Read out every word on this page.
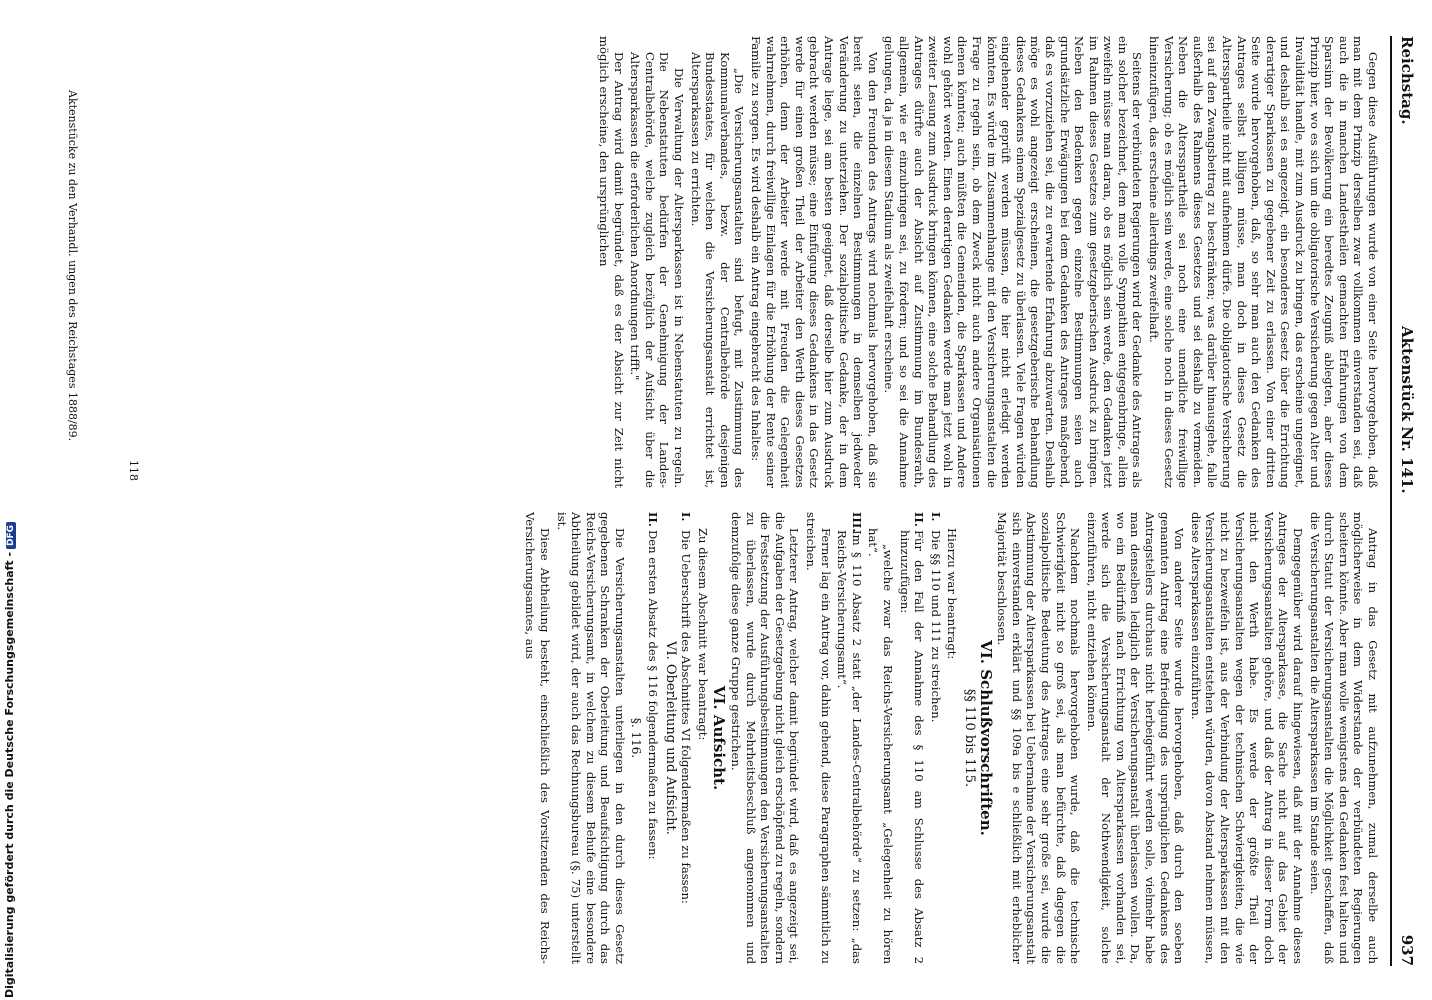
Reichstag.
Aktenstück Nr. 141.
937

Gegen diese Ausführungen wurde von einer Seite hervorgehoben, daß man mit dem Prinzip derselben zwar vollkommen einverstanden sei, daß auch die in manchen Landestheilen gemachten Erfahrungen von dem Sparsinn der Bevölkerung ein beredtes Zeugniß ablegten, aber dieses Prinzip hier, wo es sich um die obligatorische Versicherung gegen Alter und Invalidität handle, mit zum Ausdruck zu bringen, das erscheine ungeeignet, und deshalb sei es angezeigt, ein besonderes Gesetz über die Errichtung derartiger Sparkassen zu gegebener Zeit zu erlassen. Von einer dritten Seite wurde hervorgehoben, daß, so sehr man auch den Gedanken des Antrages selbst billigen müsse, man doch in dieses Gesetz die Altersspartheile nicht mit aufnehmen dürfe. Die obligatorische Versicherung sei auf den Zwangsbeitrag zu beschränken; was darüber hinausgehe, falle außerhalb des Rahmens dieses Gesetzes und sei deshalb zu vermeiden. Neben die Altersspartheile sei noch eine unendliche freiwillige Versicherung; ob es möglich sein werde, eine solche noch in dieses Gesetz hineinzufügen, das erscheine allerdings zweifelhaft.

Seitens der verbündeten Regierungen wird der Gedanke des Antrages als ein solcher bezeichnet, dem man volle Sympathien entgegenbringe, allein zweifeln müsse man daran, ob es möglich sein werde, den Gedanken jetzt im Rahmen dieses Gesetzes zum gesetzgeberischen Ausdruck zu bringen. Neben den Bedenken gegen einzelne Bestimmungen seien auch grundsätzliche Erwägungen bei dem Gedanken des Antrages maßgebend, daß es vorzuziehen sei, die zu erwartende Erfahrung abzuwarten. Deshalb möge es wohl angezeigt erscheinen, die gesetzgeberische Behandlung dieses Gedankens einem Spezialgesetz zu überlassen. Viele Fragen würden eingehender geprüft werden müssen, die hier nicht erledigt werden könnten. Es würde im Zusammenhange mit den Versicherungsanstalten die Frage zu regeln sein, ob dem Zweck nicht auch andere Organisationen dienen könnten; auch müßten die Gemeinden, die Sparkassen und Andere wohl gehört werden. Einen derartigen Gedanken werde man jetzt wohl in zweiter Lesung zum Ausdruck bringen können, eine solche Behandlung des Antrages dürfte auch der Absicht auf Zustimmung im Bundesrath, allgemein, wie er einzubringen sei, zu fördern; und so sei die Annahme gelungen, da ja in diesem Stadium als zweifelhaft erscheine.

Von den Freunden des Antrags wird nochmals hervorgehoben, daß sie bereit seien, die einzelnen Bestimmungen in demselben jedweder Veränderung zu unterziehen. Der sozialpolitische Gedanke, der in dem Antrage liege, sei am besten geeignet, daß derselbe hier zum Ausdruck gebracht werden müsse; eine Einfügung dieses Gedankens in das Gesetz werde für einen großen Theil der Arbeiter den Werth dieses Gesetzes erhöhen, denn der Arbeiter werde mit Freuden die Gelegenheit wahrnehmen, durch freiwillige Einlagen für die Erhöhung der Rente seiner Familie zu sorgen. Es wird deshalb ein Antrag eingebracht des Inhaltes:

„Die Versicherungsanstalten sind befugt, mit Zustimmung des Kommunalverbandes, bezw. der Centralbehörde desjenigen Bundesstaates, für welchen die Versicherungsanstalt errichtet ist, Altersparkassen zu errichten.

Die Verwaltung der Altersparkassen ist in Nebenstatuten zu regeln. Die Nebenstatuten bedürfen der Genehmigung der Landes-Centralbehörde, welche zugleich bezüglich der Aufsicht über die Altersparkassen die erforderlichen Anordnungen trifft."

Der Antrag wird damit begründet, daß es der Absicht zur Zeit nicht möglich erscheine, den ursprünglichen

Antrag in das Gesetz mit aufzunehmen, zumal derselbe auch möglicherweise in dem Widerstande der verbündeten Regierungen scheitern könnte. Aber man wolle wenigstens den Gedanken fest halten und durch Statut der Versicherungsanstalten die Möglichkeit geschaffen, daß die Versicherungsanstalten die Altersparkassen im Stande seien.

Demgegenüber wird darauf hingewiesen, daß mit der Annahme dieses Antrages der Altersparkasse, die Sache nicht auf das Gebiet der Versicherungsanstalten gehöre, und daß der Antrag in dieser Form doch nicht den Werth habe. Es werde der größte Theil der Versicherungsanstalten wegen der technischen Schwierigkeiten, die wie nicht zu bezweifeln ist, aus der Verbindung der Altersparkassen mit den Versicherungsanstalten entstehen würden, davon Abstand nehmen müssen, diese Altersparkassen einzuführen.

Von anderer Seite wurde hervorgehoben, daß durch den soeben genannten Antrag eine Befriedigung des ursprünglichen Gedankens des Antragstellers durchaus nicht herbeigeführt werden solle, vielmehr habe man denselben lediglich der Versicherungsanstalt überlassen wollen. Da, wo ein Bedürfniß nach Errichtung von Altersparkassen vorhanden sei, werde sich die Versicherungsanstalt der Nothwendigkeit, solche einzuführen, nicht entziehen können.

Nachdem nochmals hervorgehoben wurde, daß die technische Schwierigkeit nicht so groß sei, als man befürchte, daß dagegen die sozialpolitische Bedeutung des Antrages eine sehr große sei, wurde die Abstimmung der Altersparkassen bei Uebernahme der Versicherungsanstalt sich einverstanden erklärt und §§ 109a bis e schließlich mit erheblicher Majorität beschlossen.

VI. Schlußvorschriften.

§§ 110 bis 115.

Hierzu war beantragt:

I.
Die §§ 110 und 111 zu streichen.

II.
Für den Fall der Annahme des § 110 am Schlusse des Absatz 2 hinzuzufügen:

„welche zwar das Reichs-Versicherungsamt „Gelegenheit zu hören hat“.

III.
Im § 110 Absatz 2 statt „der Landes-Centralbehörde“ zu setzen: „das Reichs-Versicherungsamt“.

Ferner lag ein Antrag vor, dahin gehend, diese Paragraphen sämmtlich zu streichen.

Letzterer Antrag, welcher damit begründet wird, daß es angezeigt sei, die Aufgaben der Gesetzgebung nicht gleich erschöpfend zu regeln, sondern die Festsetzung der Ausführungsbestimmungen den Versicherungsanstalten zu überlassen, wurde durch Mehrheitsbeschluß angenommen und demzufolge diese ganze Gruppe gestrichen.

VI. Aufsicht.

Zu diesem Abschnitt war beantragt:

I.
Die Ueberschrift des Abschnittes VI folgendermaßen zu fassen:

VI. Oberleitung und Aufsicht.

II.
Den ersten Absatz des § 116 folgendermaßen zu fassen:

§. 116.

Die Versicherungsanstalten unterliegen in den durch dieses Gesetz gegebenen Schranken der Oberleitung und Beaufsichtigung durch das Reichs-Versicherungsamt, in welchem zu diesem Behufe eine besondere Abtheilung gebildet wird, der auch das Rechnungsbureau (§. 75) unterstellt ist.

Diese Abtheilung besteht, einschließlich des Vorsitzenden des Reichs-Versicherungsamtes, aus

118
Aktenstücke zu den Verhandl. ungen des Reichstages 1888/89.
Digitalisierung gefördert durch die Deutsche Forschungsgemeinschaft -DFG
